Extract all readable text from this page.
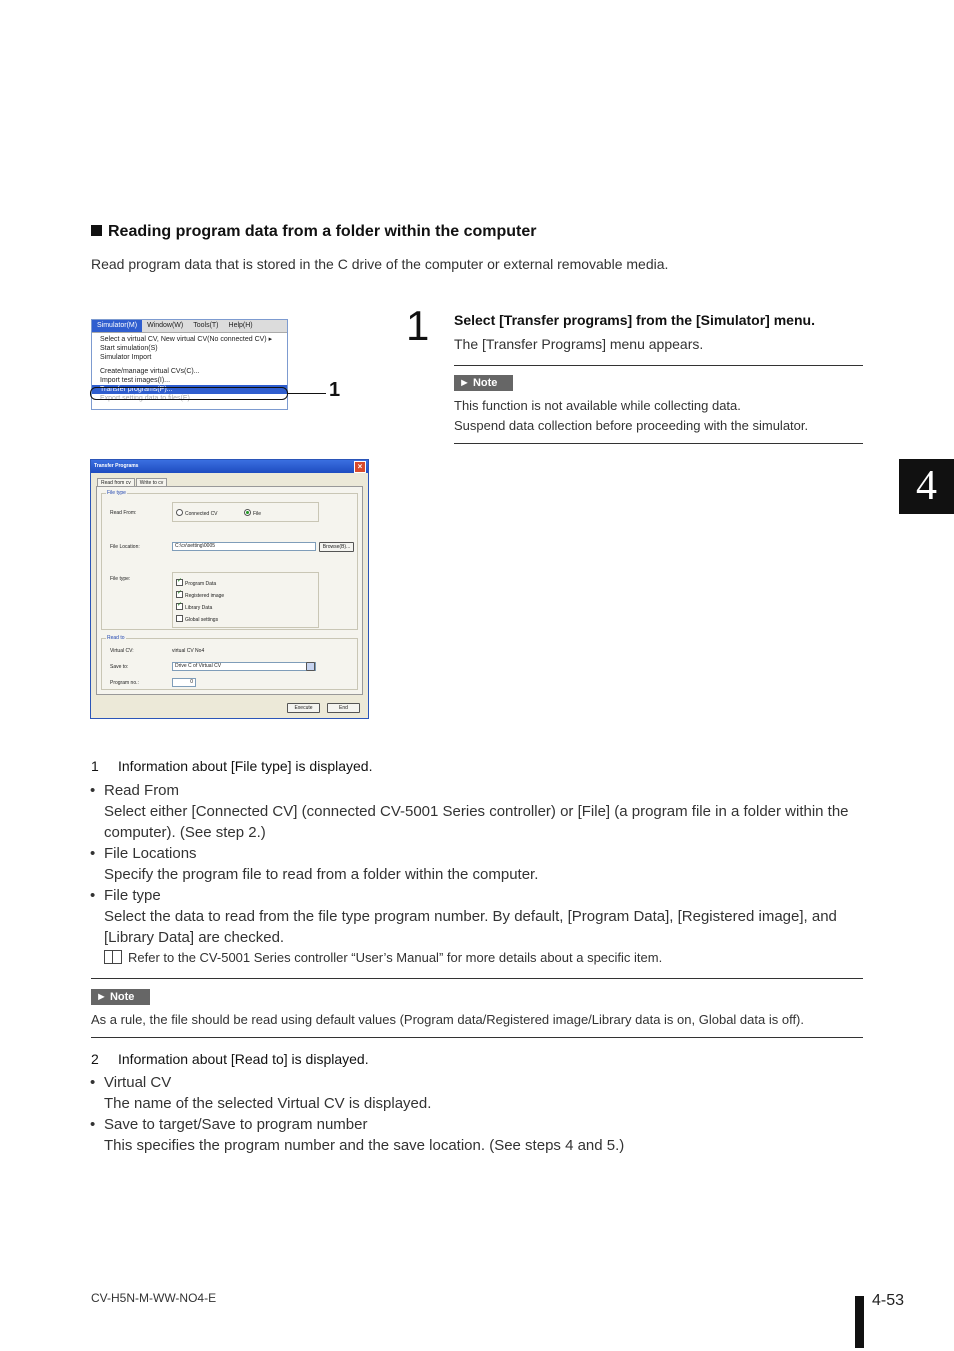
Reading program data from a folder within the computer
Read program data that is stored in the C drive of the computer or external removable media.
Simulator(M)	Window(W)	Tools(T)	Help(H)
Select a virtual CV, New virtual CV(No connected CV) ▸
Start simulation(S)
Simulator Import
Create/manage virtual CVs(C)...
Import test images(I)...
Transfer programs(P)...
Export setting data to files(E)...	1
Transfer Programs	×
Read from cv	Write to cv
File type
Read From:	Connected CV	File
File Location:	C:\cv\setting\0005	Browse(B)...
File type:
✓Program Data
✓Registered image
✓Library Data
Global settings
Read to
Virtual CV:	virtual CV No4
Save to:	Drive C of Virtual CV
Program no.:	0
Execute	End
1 Select [Transfer programs] from the [Simulator] menu.
The [Transfer Programs] menu appears.
► Note
This function is not available while collecting data.
Suspend data collection before proceeding with the simulator.
4
1 Information about [File type] is displayed.
• Read From
Select either [Connected CV] (connected CV-5001 Series controller) or [File] (a program file in a folder within the computer). (See step 2.)
• File Locations
Specify the program file to read from a folder within the computer.
• File type
Select the data to read from the file type program number. By default, [Program Data], [Registered image], and [Library Data] are checked.
Refer to the CV-5001 Series controller “User’s Manual” for more details about a specific item.
► Note
As a rule, the file should be read using default values (Program data/Registered image/Library data is on, Global data is off).
2 Information about [Read to] is displayed.
• Virtual CV
The name of the selected Virtual CV is displayed.
• Save to target/Save to program number
This specifies the program number and the save location. (See steps 4 and 5.)
CV-H5N-M-WW-NO4-E	4-53
